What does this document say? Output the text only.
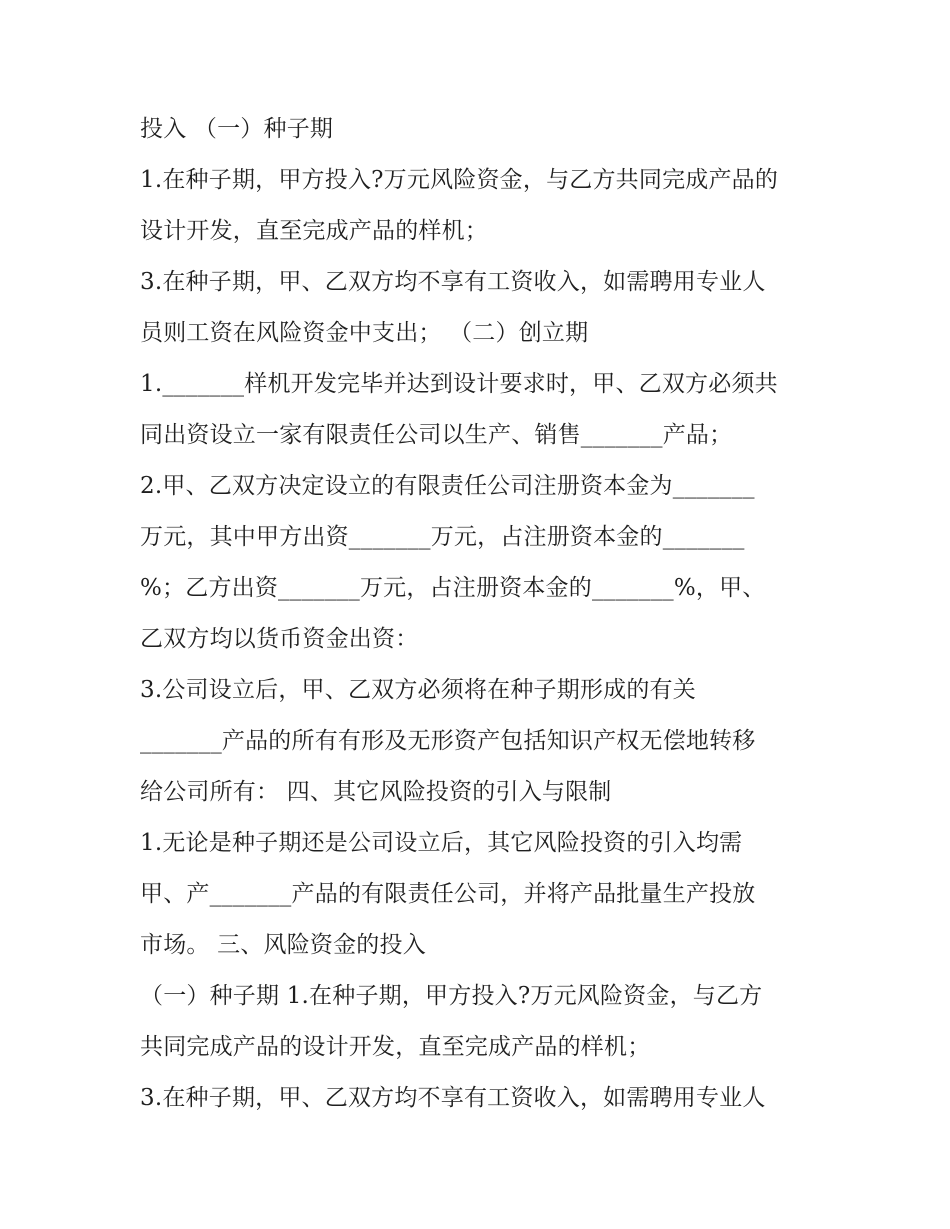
投入 （一）种子期
1.在种子期，甲方投入?万元风险资金，与乙方共同完成产品的
设计开发，直至完成产品的样机；
3.在种子期，甲、乙双方均不享有工资收入，如需聘用专业人
员则工资在风险资金中支出； （二）创立期
1._______样机开发完毕并达到设计要求时，甲、乙双方必须共
同出资设立一家有限责任公司以生产、销售_______产品；
2.甲、乙双方决定设立的有限责任公司注册资本金为_______
万元，其中甲方出资_______万元，占注册资本金的_______
%；乙方出资_______万元，占注册资本金的_______%，甲、
乙双方均以货币资金出资：
3.公司设立后，甲、乙双方必须将在种子期形成的有关
_______产品的所有有形及无形资产包括知识产权无偿地转移
给公司所有： 四、其它风险投资的引入与限制
1.无论是种子期还是公司设立后，其它风险投资的引入均需
甲、产_______产品的有限责任公司，并将产品批量生产投放
市场。 三、风险资金的投入
（一）种子期 1.在种子期，甲方投入?万元风险资金，与乙方
共同完成产品的设计开发，直至完成产品的样机；
3.在种子期，甲、乙双方均不享有工资收入，如需聘用专业人
